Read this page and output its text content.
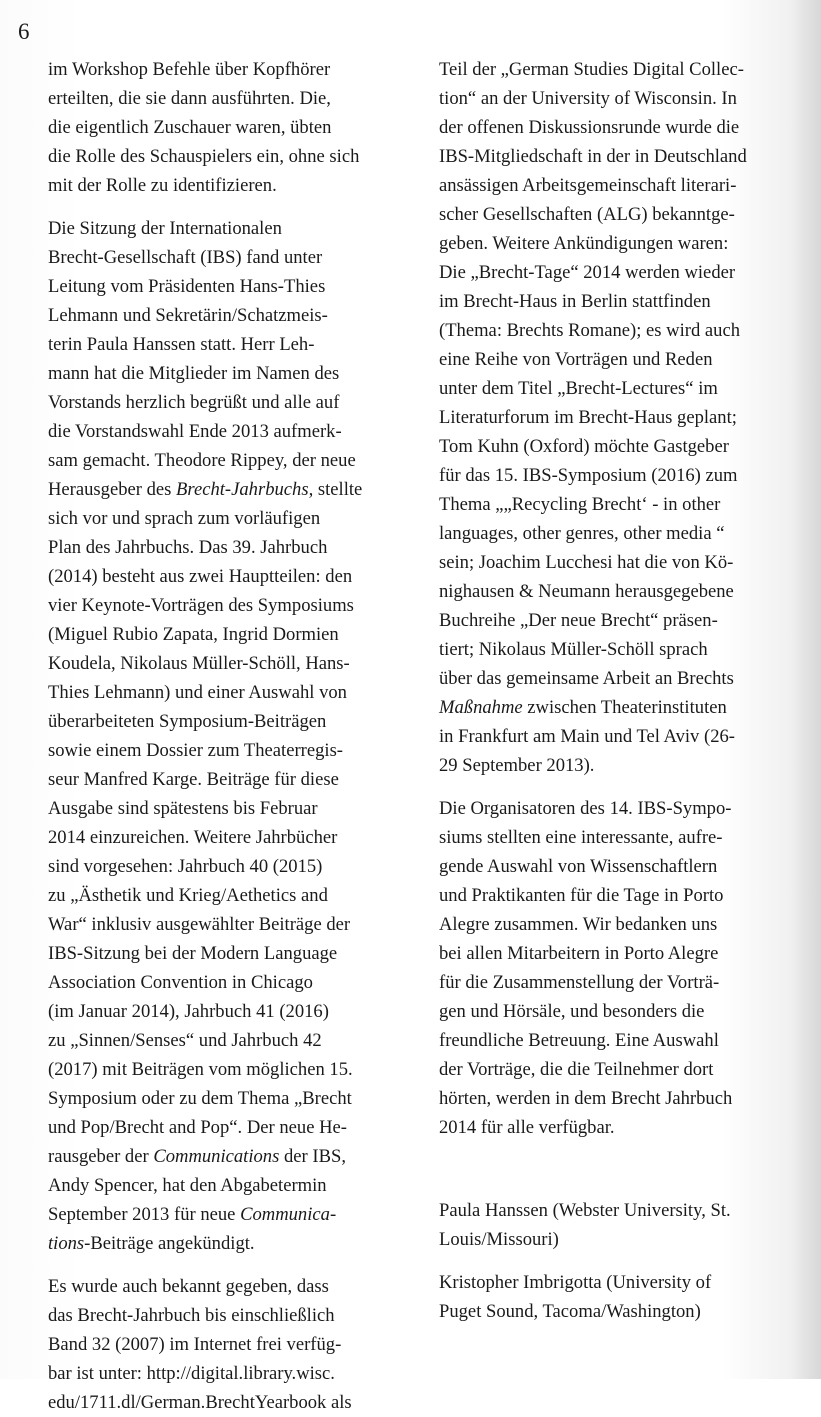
6

im Workshop Befehle über Kopfhörer
erteilten, die sie dann ausführten. Die,
die eigentlich Zuschauer waren, übten
die Rolle des Schauspielers ein, ohne sich
mit der Rolle zu identifizieren.

Die Sitzung der Internationalen
Brecht-Gesellschaft (IBS) fand unter
Leitung vom Präsidenten Hans-Thies
Lehmann und Sekretärin/Schatzmeis-
terin Paula Hanssen statt. Herr Leh-
mann hat die Mitglieder im Namen des
Vorstands herzlich begrüßt und alle auf
die Vorstandswahl Ende 2013 aufmerk-
sam gemacht. Theodore Rippey, der neue
Herausgeber des Brecht-Jahrbuchs, stellte
sich vor und sprach zum vorläufigen
Plan des Jahrbuchs. Das 39. Jahrbuch
(2014) besteht aus zwei Hauptteilen: den
vier Keynote-Vorträgen des Symposiums
(Miguel Rubio Zapata, Ingrid Dormien
Koudela, Nikolaus Müller-Schöll, Hans-
Thies Lehmann) und einer Auswahl von
überarbeiteten Symposium-Beiträgen
sowie einem Dossier zum Theaterregis-
seur Manfred Karge. Beiträge für diese
Ausgabe sind spätestens bis Februar
2014 einzureichen. Weitere Jahrbücher
sind vorgesehen: Jahrbuch 40 (2015)
zu „Ästhetik und Krieg/Aethetics and
War“ inklusiv ausgewählter Beiträge der
IBS-Sitzung bei der Modern Language
Association Convention in Chicago
(im Januar 2014), Jahrbuch 41 (2016)
zu „Sinnen/Senses“ und Jahrbuch 42
(2017) mit Beiträgen vom möglichen 15.
Symposium oder zu dem Thema „Brecht
und Pop/Brecht and Pop“. Der neue He-
rausgeber der Communications der IBS,
Andy Spencer, hat den Abgabetermin
September 2013 für neue Communica-
tions-Beiträge angekündigt.

Es wurde auch bekannt gegeben, dass
das Brecht-Jahrbuch bis einschließlich
Band 32 (2007) im Internet frei verfüg-
bar ist unter: http://digital.library.wisc.
edu/1711.dl/German.BrechtYearbook als

Teil der „German Studies Digital Collec-
tion“ an der University of Wisconsin. In
der offenen Diskussionsrunde wurde die
IBS-Mitgliedschaft in der in Deutschland
ansässigen Arbeitsgemeinschaft literari-
scher Gesellschaften (ALG) bekanntge-
geben. Weitere Ankündigungen waren:
Die „Brecht-Tage“ 2014 werden wieder
im Brecht-Haus in Berlin stattfinden
(Thema: Brechts Romane); es wird auch
eine Reihe von Vorträgen und Reden
unter dem Titel „Brecht-Lectures“ im
Literaturforum im Brecht-Haus geplant;
Tom Kuhn (Oxford) möchte Gastgeber
für das 15. IBS-Symposium (2016) zum
Thema „„Recycling Brecht‘ - in other
languages, other genres, other media “
sein; Joachim Lucchesi hat die von Kö-
nighausen & Neumann herausgegebene
Buchreihe „Der neue Brecht“ präsen-
tiert; Nikolaus Müller-Schöll sprach
über das gemeinsame Arbeit an Brechts
Maßnahme zwischen Theaterinstituten
in Frankfurt am Main und Tel Aviv (26-
29 September 2013).

Die Organisatoren des 14. IBS-Sympo-
siums stellten eine interessante, aufre-
gende Auswahl von Wissenschaftlern
und Praktikanten für die Tage in Porto
Alegre zusammen. Wir bedanken uns
bei allen Mitarbeitern in Porto Alegre
für die Zusammenstellung der Vorträ-
gen und Hörsäle, und besonders die
freundliche Betreuung. Eine Auswahl
der Vorträge, die die Teilnehmer dort
hörten, werden in dem Brecht Jahrbuch
2014 für alle verfügbar.

Paula Hanssen (Webster University, St.
Louis/Missouri)

Kristopher Imbrigotta (University of
Puget Sound, Tacoma/Washington)
